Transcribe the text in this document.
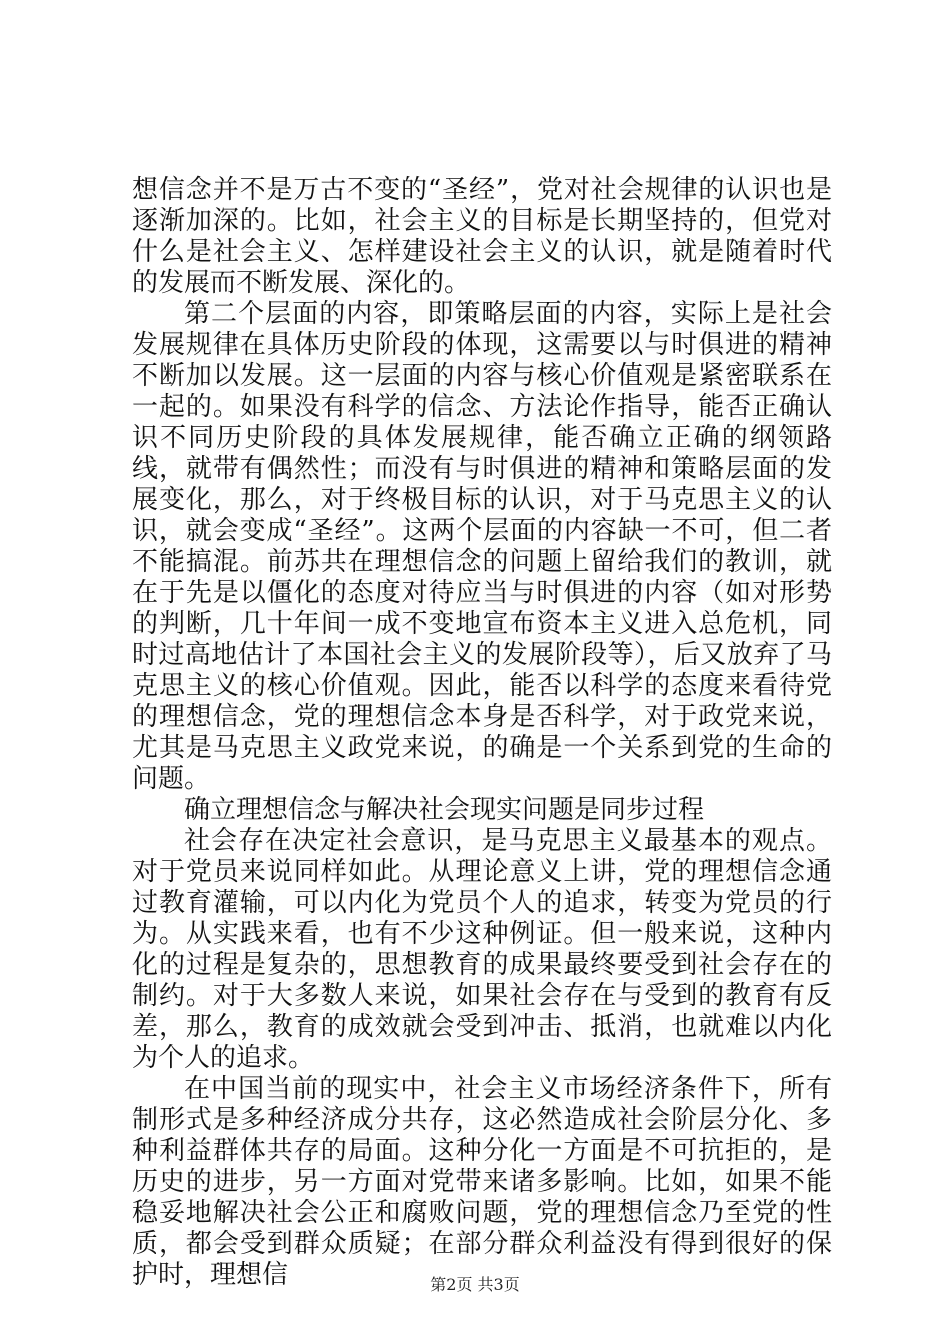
想信念并不是万古不变的“圣经”，党对社会规律的认识也是逐渐加深的。比如，社会主义的目标是长期坚持的，但党对什么是社会主义、怎样建设社会主义的认识，就是随着时代的发展而不断发展、深化的。

第二个层面的内容，即策略层面的内容，实际上是社会发展规律在具体历史阶段的体现，这需要以与时俱进的精神不断加以发展。这一层面的内容与核心价值观是紧密联系在一起的。如果没有科学的信念、方法论作指导，能否正确认识不同历史阶段的具体发展规律，能否确立正确的纲领路线，就带有偶然性；而没有与时俱进的精神和策略层面的发展变化，那么，对于终极目标的认识，对于马克思主义的认识，就会变成“圣经”。这两个层面的内容缺一不可，但二者不能搞混。前苏共在理想信念的问题上留给我们的教训，就在于先是以僵化的态度对待应当与时俱进的内容（如对形势的判断，几十年间一成不变地宣布资本主义进入总危机，同时过高地估计了本国社会主义的发展阶段等），后又放弃了马克思主义的核心价值观。因此，能否以科学的态度来看待党的理想信念，党的理想信念本身是否科学，对于政党来说，尤其是马克思主义政党来说，的确是一个关系到党的生命的问题。

确立理想信念与解决社会现实问题是同步过程

社会存在决定社会意识，是马克思主义最基本的观点。对于党员来说同样如此。从理论意义上讲，党的理想信念通过教育灌输，可以内化为党员个人的追求，转变为党员的行为。从实践来看，也有不少这种例证。但一般来说，这种内化的过程是复杂的，思想教育的成果最终要受到社会存在的制约。对于大多数人来说，如果社会存在与受到的教育有反差，那么，教育的成效就会受到冲击、抵消，也就难以内化为个人的追求。

在中国当前的现实中，社会主义市场经济条件下，所有制形式是多种经济成分共存，这必然造成社会阶层分化、多种利益群体共存的局面。这种分化一方面是不可抗拒的，是历史的进步，另一方面对党带来诸多影响。比如，如果不能稳妥地解决社会公正和腐败问题，党的理想信念乃至党的性质，都会受到群众质疑；在部分群众利益没有得到很好的保护时，理想信	第2页 共3页
